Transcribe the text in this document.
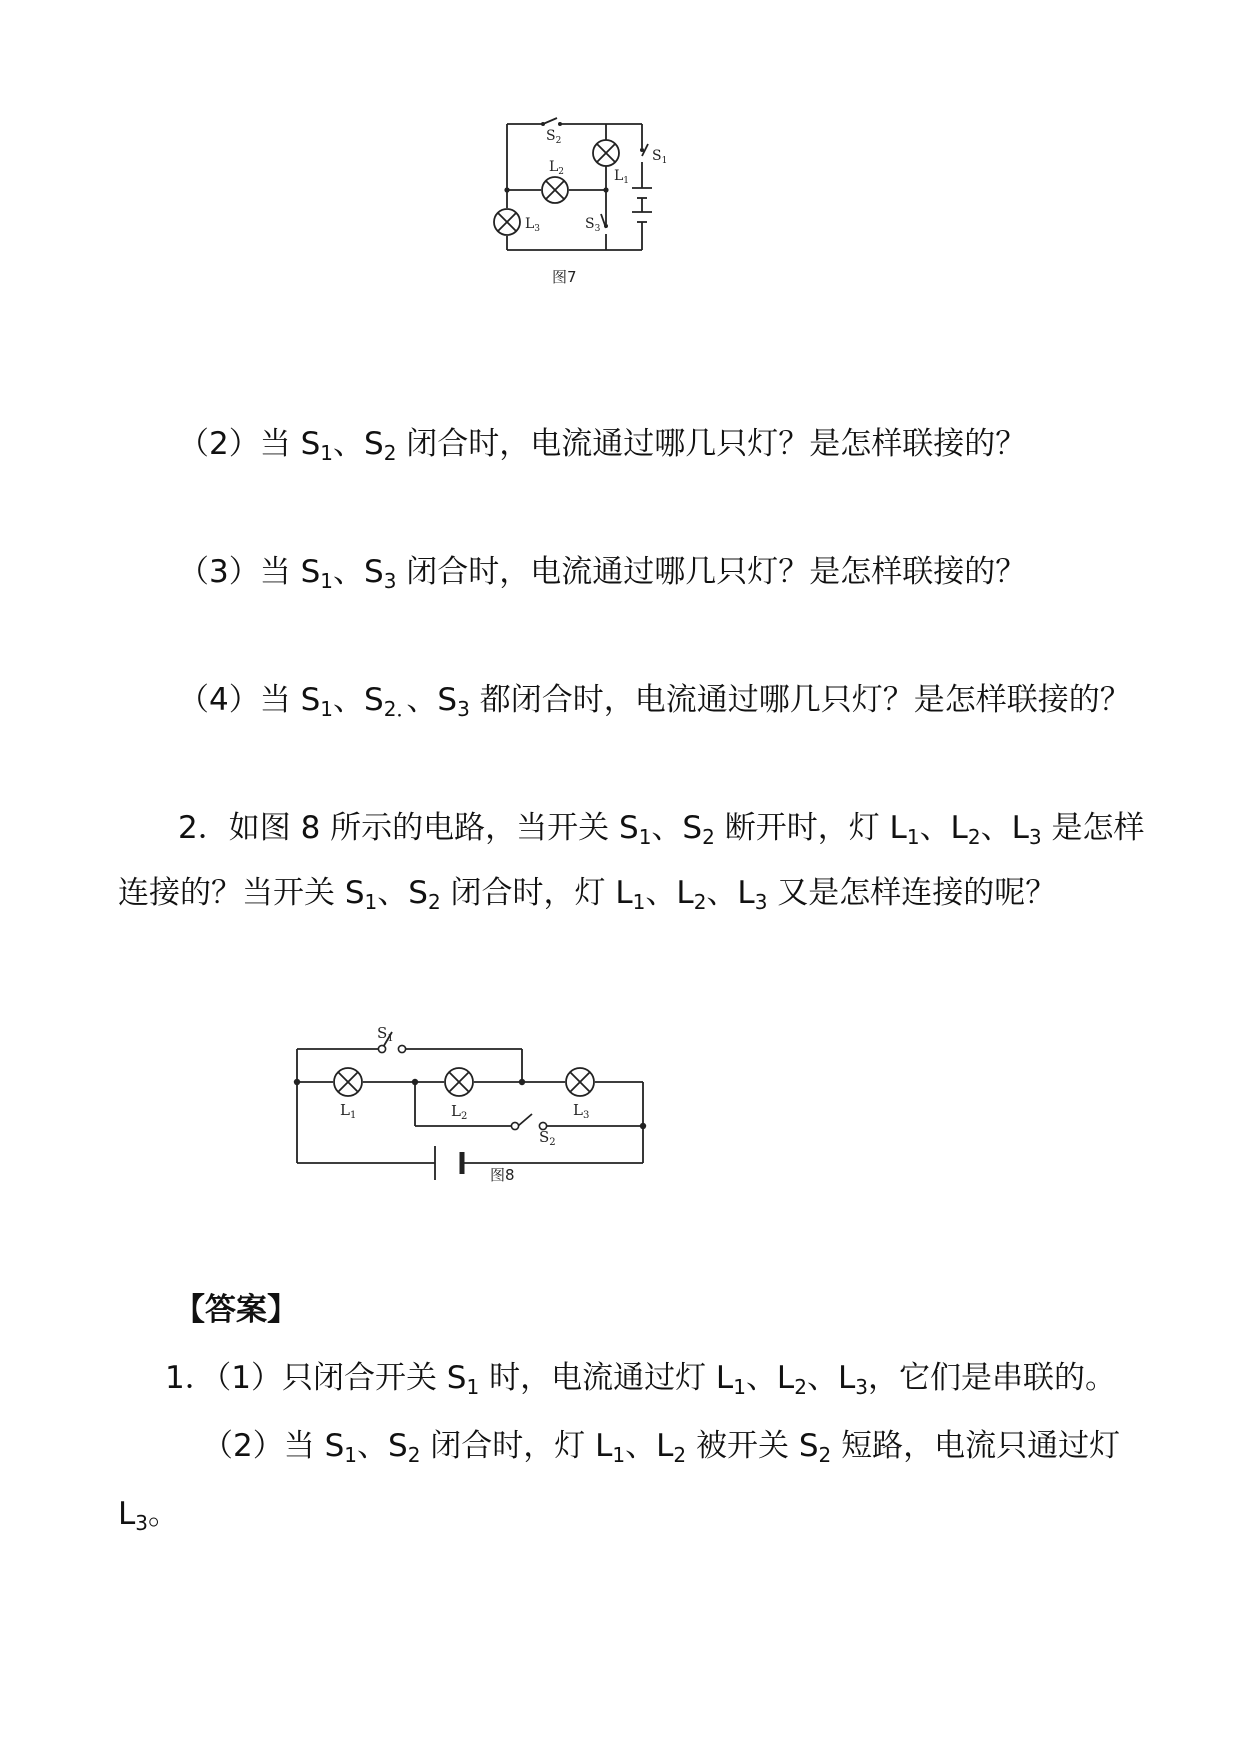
$S_2$
$L_2$	$L_1$
$S_1$
$L_3$	$S_3$
图7
（2）当 $S_1$、$S_2$ 闭合时，电流通过哪几只灯？是怎样联接的？
（3）当 $S_1$、$S_3$ 闭合时，电流通过哪几只灯？是怎样联接的？
（4）当 $S_1$、$S_{2.}$、$S_3$ 都闭合时，电流通过哪几只灯？是怎样联接的？
2．如图 8 所示的电路，当开关 $S_1$、$S_2$ 断开时，灯 $L_1$、$L_2$、$L_3$ 是怎样
连接的？当开关 $S_1$、$S_2$ 闭合时，灯 $L_1$、$L_2$、$L_3$ 又是怎样连接的呢？
$S_1$
$L_1$	$L_2$	$L_3$
$S_2$
图8
【答案】
1．（1）只闭合开关 $S_1$ 时，电流通过灯 $L_1$、$L_2$、$L_3$，它们是串联的。
（2）当 $S_1$、$S_2$ 闭合时，灯 $L_1$、$L_2$ 被开关 $S_2$ 短路，电流只通过灯
$L_3$。
